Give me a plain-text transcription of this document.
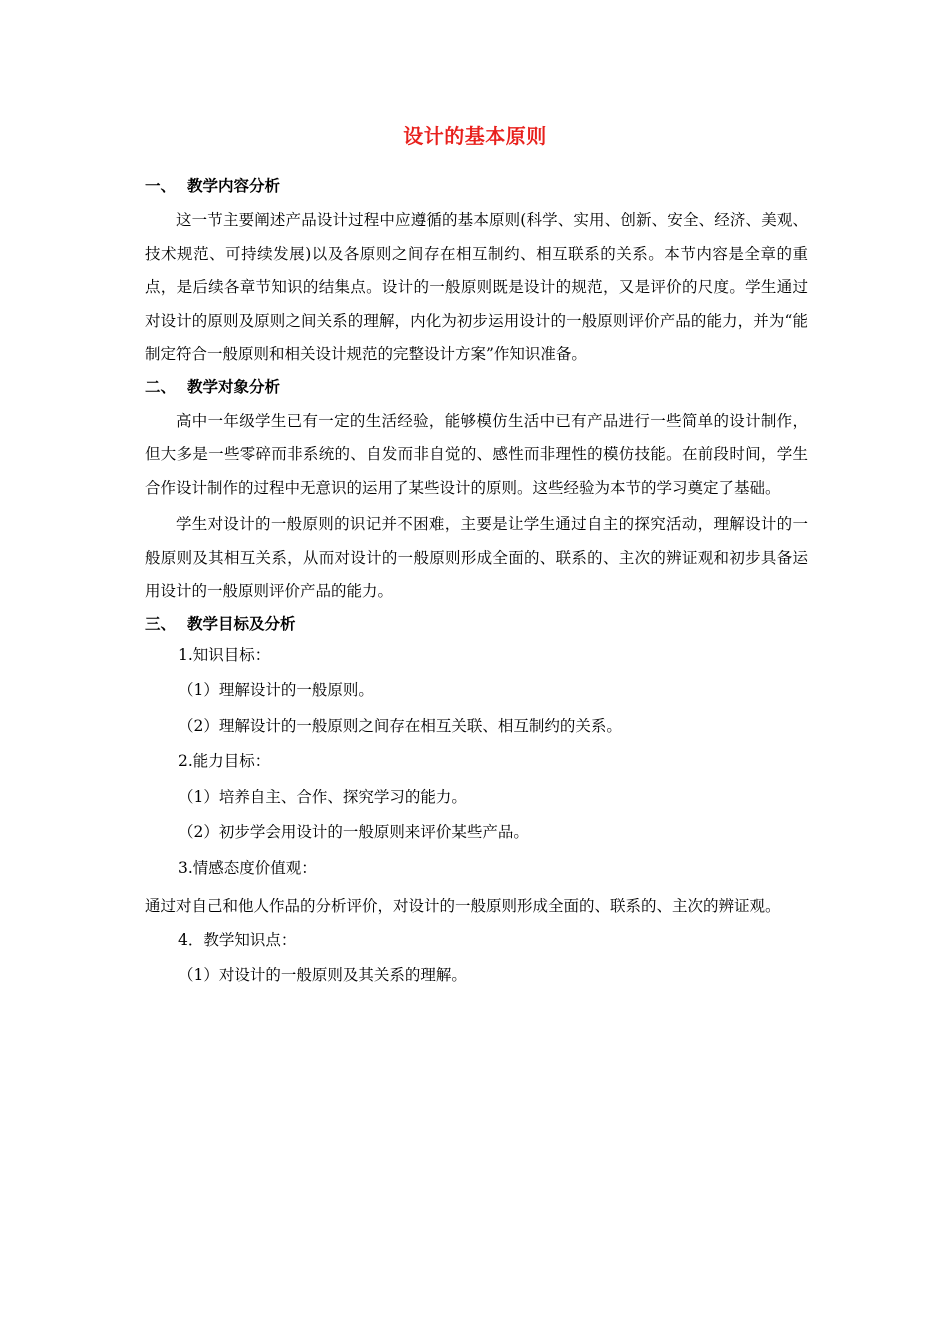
设计的基本原则
一、 教学内容分析

这一节主要阐述产品设计过程中应遵循的基本原则(科学、实用、创新、安全、经济、美观、技术规范、可持续发展)以及各原则之间存在相互制约、相互联系的关系。本节内容是全章的重点，是后续各章节知识的结集点。设计的一般原则既是设计的规范，又是评价的尺度。学生通过对设计的原则及原则之间关系的理解，内化为初步运用设计的一般原则评价产品的能力，并为“能制定符合一般原则和相关设计规范的完整设计方案”作知识准备。

二、 教学对象分析

高中一年级学生已有一定的生活经验，能够模仿生活中已有产品进行一些简单的设计制作，但大多是一些零碎而非系统的、自发而非自觉的、感性而非理性的模仿技能。在前段时间，学生合作设计制作的过程中无意识的运用了某些设计的原则。这些经验为本节的学习奠定了基础。

学生对设计的一般原则的识记并不困难，主要是让学生通过自主的探究活动，理解设计的一般原则及其相互关系，从而对设计的一般原则形成全面的、联系的、主次的辨证观和初步具备运用设计的一般原则评价产品的能力。

三、 教学目标及分析
1.知识目标：
（1）理解设计的一般原则。
（2）理解设计的一般原则之间存在相互关联、相互制约的关系。
2.能力目标：
（1）培养自主、合作、探究学习的能力。
（2）初步学会用设计的一般原则来评价某些产品。
3.情感态度价值观：

通过对自己和他人作品的分析评价，对设计的一般原则形成全面的、联系的、主次的辨证观。

4．教学知识点：
（1）对设计的一般原则及其关系的理解。
